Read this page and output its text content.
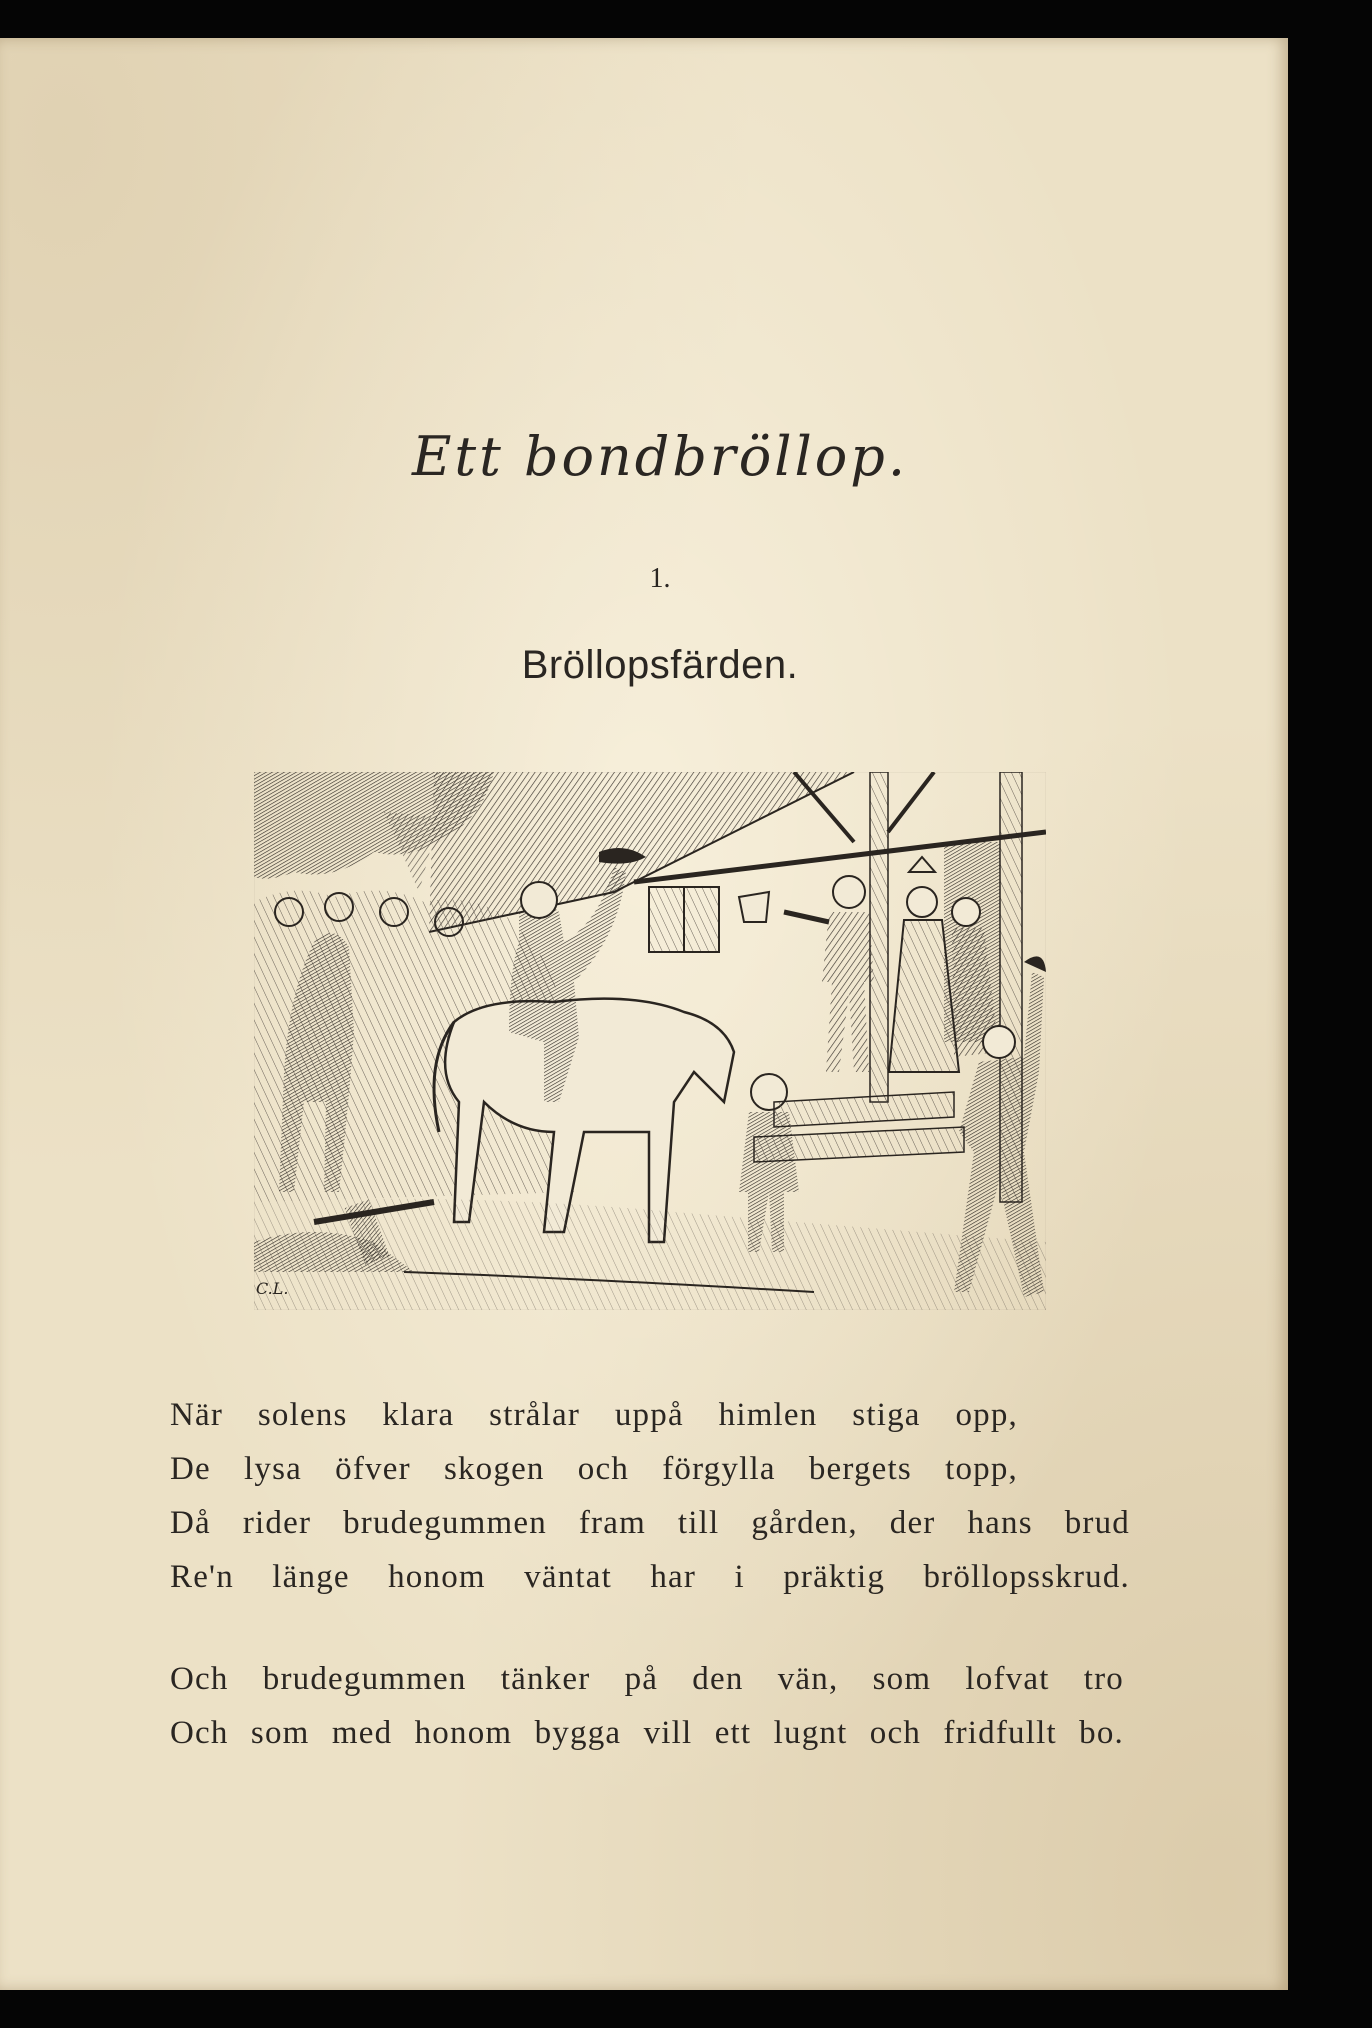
Ett bondbröllop.
1.
Bröllopsfärden.
C.L.
När solens klara strålar uppå himlen stiga opp,
De lysa öfver skogen och förgylla bergets topp,
Då rider brudegummen fram till gården, der hans brud
Re'n länge honom väntat har i präktig bröllopsskrud.
Och brudegummen tänker på den vän, som lofvat tro
Och som med honom bygga vill ett lugnt och fridfullt bo.
